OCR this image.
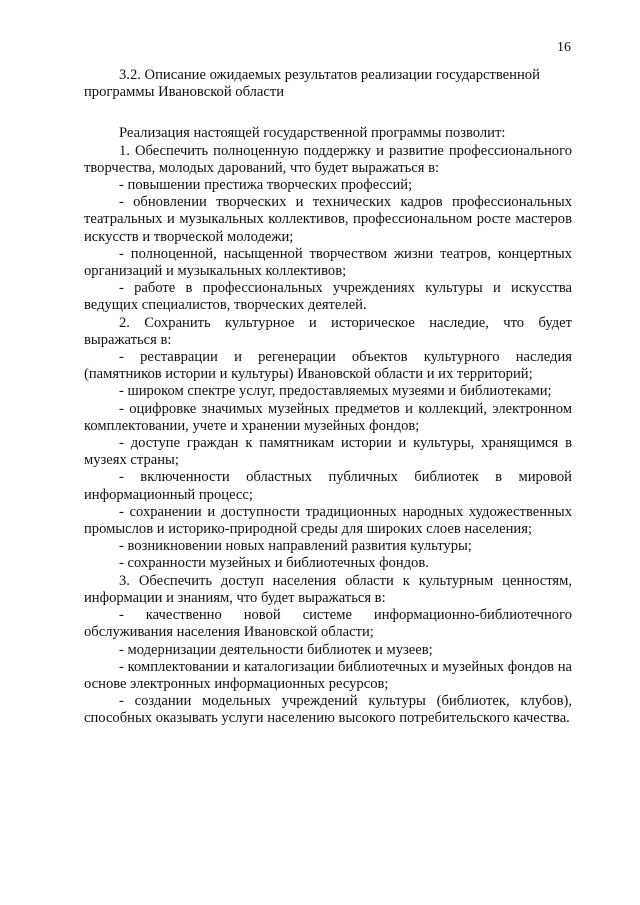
16

3.2. Описание ожидаемых результатов реализации государственной программы Ивановской области

Реализация настоящей государственной программы позволит:

1. Обеспечить полноценную поддержку и развитие профессионального творчества, молодых дарований, что будет выражаться в:

- повышении престижа творческих профессий;

- обновлении творческих и технических кадров профессиональных театральных и музыкальных коллективов, профессиональном росте мастеров искусств и творческой молодежи;

- полноценной, насыщенной творчеством жизни театров, концертных организаций и музыкальных коллективов;

- работе в профессиональных учреждениях культуры и искусства ведущих специалистов, творческих деятелей.

2. Сохранить культурное и историческое наследие, что будет выражаться в:

- реставрации и регенерации объектов культурного наследия (памятников истории и культуры) Ивановской области и их территорий;

- широком спектре услуг, предоставляемых музеями и библиотеками;

- оцифровке значимых музейных предметов и коллекций, электронном комплектовании, учете и хранении музейных фондов;

- доступе граждан к памятникам истории и культуры, хранящимся в музеях страны;

- включенности областных публичных библиотек в мировой информационный процесс;

- сохранении и доступности традиционных народных художественных промыслов и историко-природной среды для широких слоев населения;

- возникновении новых направлений развития культуры;

- сохранности музейных и библиотечных фондов.

3. Обеспечить доступ населения области к культурным ценностям, информации и знаниям, что будет выражаться в:

- качественно новой системе информационно-библиотечного обслуживания населения Ивановской области;

- модернизации деятельности библиотек и музеев;

- комплектовании и каталогизации библиотечных и музейных фондов на основе электронных информационных ресурсов;

- создании модельных учреждений культуры (библиотек, клубов), способных оказывать услуги населению высокого потребительского качества.
